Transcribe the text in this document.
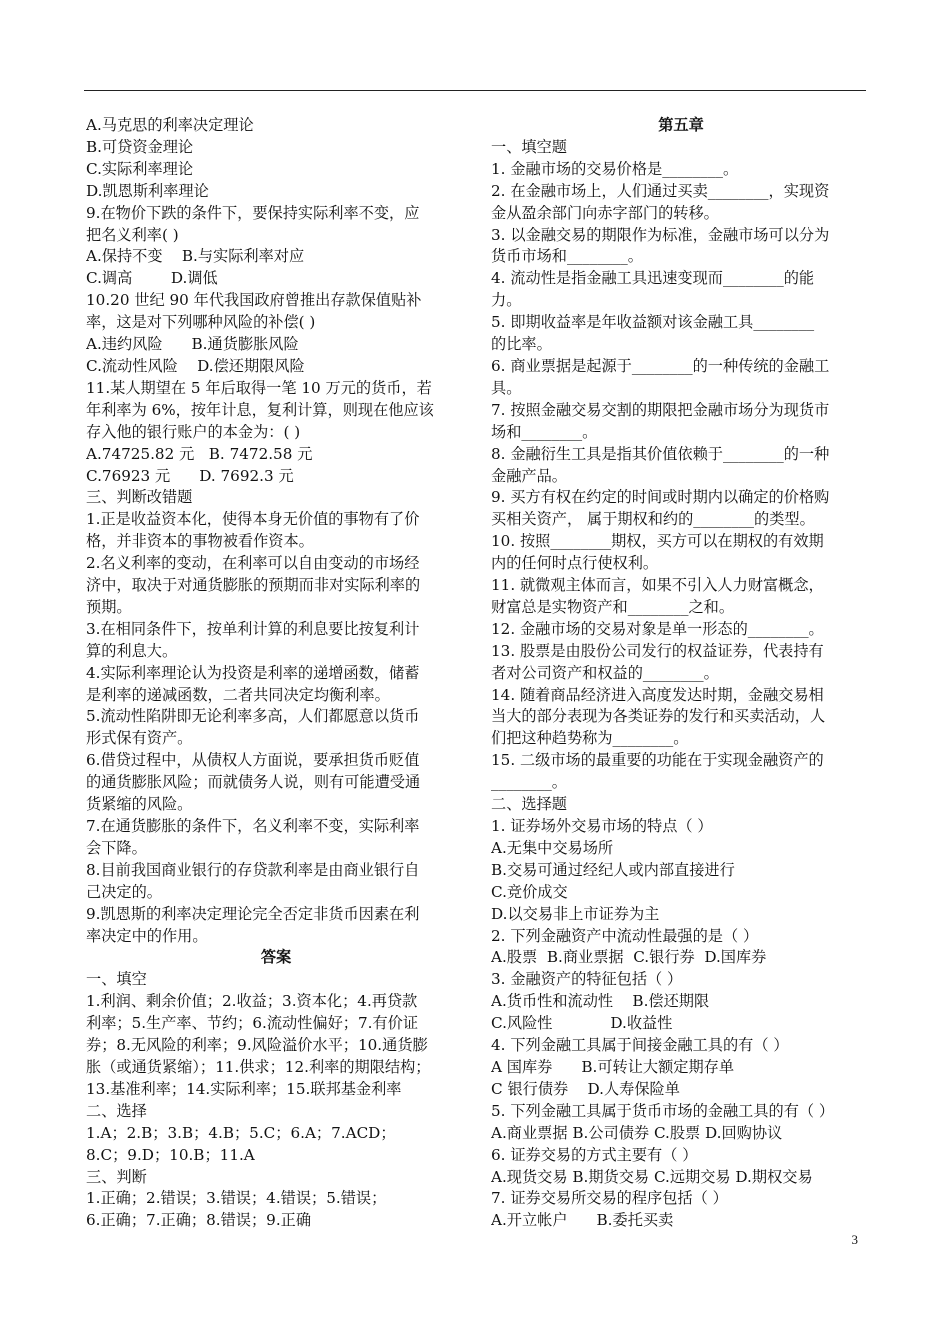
A.马克思的利率决定理论
B.可贷资金理论
C.实际利率理论
D.凯恩斯利率理论
9.在物价下跌的条件下，要保持实际利率不变，应
把名义利率( )
A.保持不变    B.与实际利率对应
C.调高        D.调低
10.20 世纪 90 年代我国政府曾推出存款保值贴补
率，这是对下列哪种风险的补偿( )
A.违约风险      B.通货膨胀风险
C.流动性风险    D.偿还期限风险
11.某人期望在 5 年后取得一笔 10 万元的货币，若
年利率为 6%，按年计息，复利计算，则现在他应该
存入他的银行账户的本金为：( )
A.74725.82 元   B. 7472.58 元
C.76923 元      D. 7692.3 元
三、判断改错题
1.正是收益资本化，使得本身无价值的事物有了价
格，并非资本的事物被看作资本。
2.名义利率的变动，在利率可以自由变动的市场经
济中，取决于对通货膨胀的预期而非对实际利率的
预期。
3.在相同条件下，按单利计算的利息要比按复利计
算的利息大。
4.实际利率理论认为投资是利率的递增函数，储蓄
是利率的递减函数，二者共同决定均衡利率。
5.流动性陷阱即无论利率多高，人们都愿意以货币
形式保有资产。
6.借贷过程中，从债权人方面说，要承担货币贬值
的通货膨胀风险；而就债务人说，则有可能遭受通
货紧缩的风险。
7.在通货膨胀的条件下，名义利率不变，实际利率
会下降。
8.目前我国商业银行的存贷款利率是由商业银行自
己决定的。
9.凯恩斯的利率决定理论完全否定非货币因素在利
率决定中的作用。
答案
一、填空
1.利润、剩余价值；2.收益；3.资本化；4.再贷款
利率；5.生产率、节约；6.流动性偏好；7.有价证
券；8.无风险的利率；9.风险溢价水平；10.通货膨
胀（或通货紧缩）；11.供求；12.利率的期限结构；
13.基准利率；14.实际利率；15.联邦基金利率
二、选择
1.A；2.B；3.B；4.B；5.C；6.A；7.ACD；
8.C；9.D；10.B；11.A
三、判断
1.正确；2.错误；3.错误；4.错误；5.错误；
6.正确；7.正确；8.错误；9.正确
第五章
一、填空题
1. 金融市场的交易价格是________。
2. 在金融市场上，人们通过买卖________，实现资
金从盈余部门向赤字部门的转移。
3. 以金融交易的期限作为标准，金融市场可以分为
货币市场和________。
4. 流动性是指金融工具迅速变现而________的能
力。
5. 即期收益率是年收益额对该金融工具________
的比率。
6. 商业票据是起源于________的一种传统的金融工
具。
7. 按照金融交易交割的期限把金融市场分为现货市
场和________。
8. 金融衍生工具是指其价值依赖于________的一种
金融产品。
9. 买方有权在约定的时间或时期内以确定的价格购
买相关资产， 属于期权和约的________的类型。
10. 按照________期权，买方可以在期权的有效期
内的任何时点行使权利。
11. 就微观主体而言，如果不引入人力财富概念，
财富总是实物资产和________之和。
12. 金融市场的交易对象是单一形态的________。
13. 股票是由股份公司发行的权益证券，代表持有
者对公司资产和权益的________。
14. 随着商品经济进入高度发达时期，金融交易相
当大的部分表现为各类证券的发行和买卖活动，人
们把这种趋势称为________。
15. 二级市场的最重要的功能在于实现金融资产的
________。
二、选择题
1. 证券场外交易市场的特点（ ）
A.无集中交易场所
B.交易可通过经纪人或内部直接进行
C.竞价成交
D.以交易非上市证券为主
2. 下列金融资产中流动性最强的是（ ）
A.股票  B.商业票据  C.银行券  D.国库券
3. 金融资产的特征包括（ ）
A.货币性和流动性    B.偿还期限
C.风险性            D.收益性
4. 下列金融工具属于间接金融工具的有（ ）
A 国库券      B.可转让大额定期存单
C 银行债券    D.人寿保险单
5. 下列金融工具属于货币市场的金融工具的有（ ）
A.商业票据 B.公司债券 C.股票 D.回购协议
6. 证券交易的方式主要有（ ）
A.现货交易 B.期货交易 C.远期交易 D.期权交易
7. 证券交易所交易的程序包括（ ）
A.开立帐户      B.委托买卖
3
